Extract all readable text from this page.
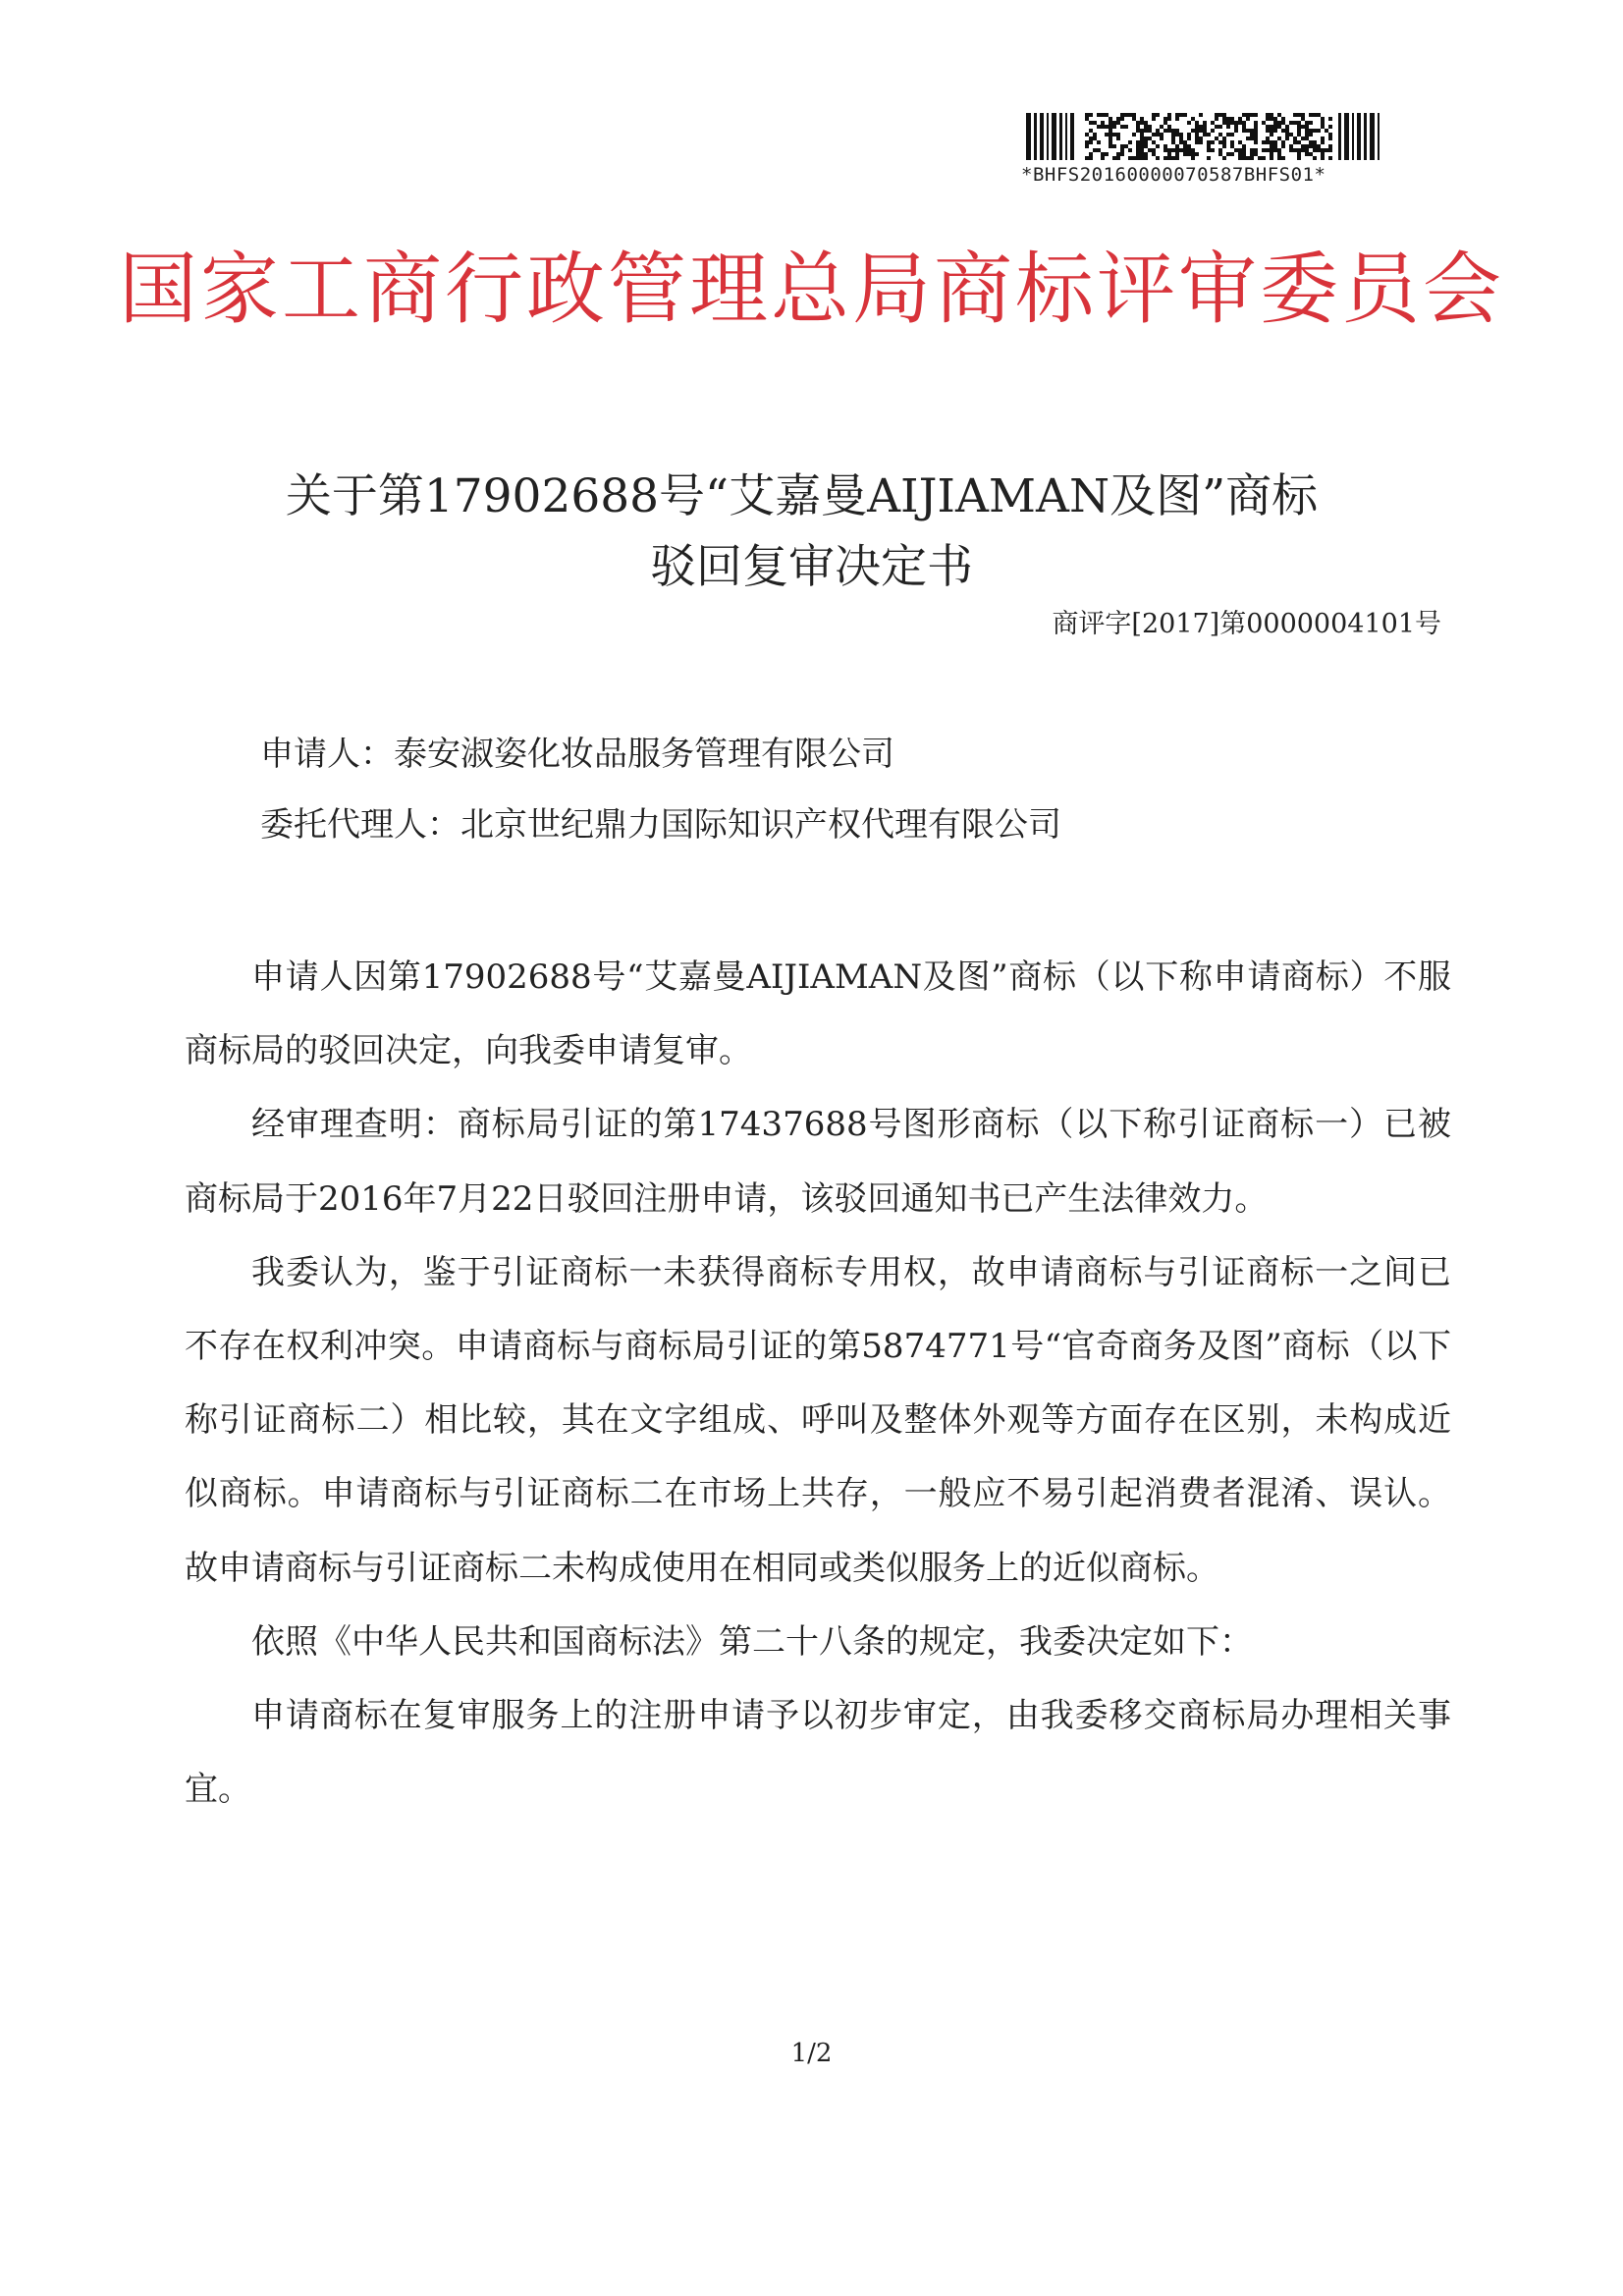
*BHFS20160000070587BHFS01*
国家工商行政管理总局商标评审委员会
关于第17902688号“艾嘉曼AIJIAMAN及图”商标
驳回复审决定书
商评字[2017]第0000004101号
申请人：泰安淑姿化妆品服务管理有限公司
委托代理人：北京世纪鼎力国际知识产权代理有限公司

申请人因第17902688号“艾嘉曼AIJIAMAN及图”商标（以下称申请商标）不服商标局的驳回决定，向我委申请复审。

经审理查明：商标局引证的第17437688号图形商标（以下称引证商标一）已被商标局于2016年7月22日驳回注册申请，该驳回通知书已产生法律效力。

我委认为，鉴于引证商标一未获得商标专用权，故申请商标与引证商标一之间已不存在权利冲突。申请商标与商标局引证的第5874771号“官奇商务及图”商标（以下称引证商标二）相比较，其在文字组成、呼叫及整体外观等方面存在区别，未构成近似商标。申请商标与引证商标二在市场上共存，一般应不易引起消费者混淆、误认。故申请商标与引证商标二未构成使用在相同或类似服务上的近似商标。

依照《中华人民共和国商标法》第二十八条的规定，我委决定如下：

申请商标在复审服务上的注册申请予以初步审定，由我委移交商标局办理相关事宜。

1/2
